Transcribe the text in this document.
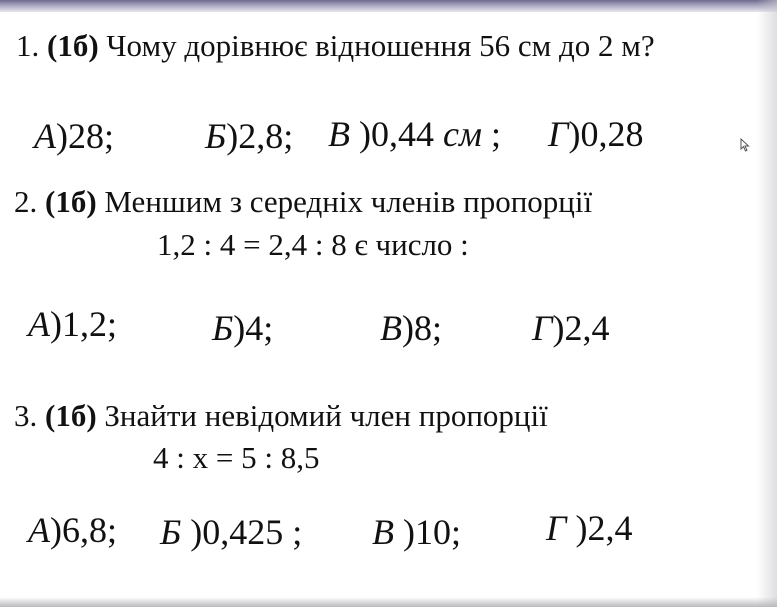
1. (1б) Чому дорівнює відношення 56 см до 2 м?
А)28;	Б)2,8; В )0,44 см ; Г)0,28
2. (1б) Меншим з середніх членів пропорції
1,2 : 4 = 2,4 : 8 є число :
А)1,2;	Б)4;	В)8; Г)2,4
3. (1б) Знайти невідомий член пропорції
4 : х = 5 : 8,5
А)6,8; Б )0,425 ; В )10; Г )2,4
